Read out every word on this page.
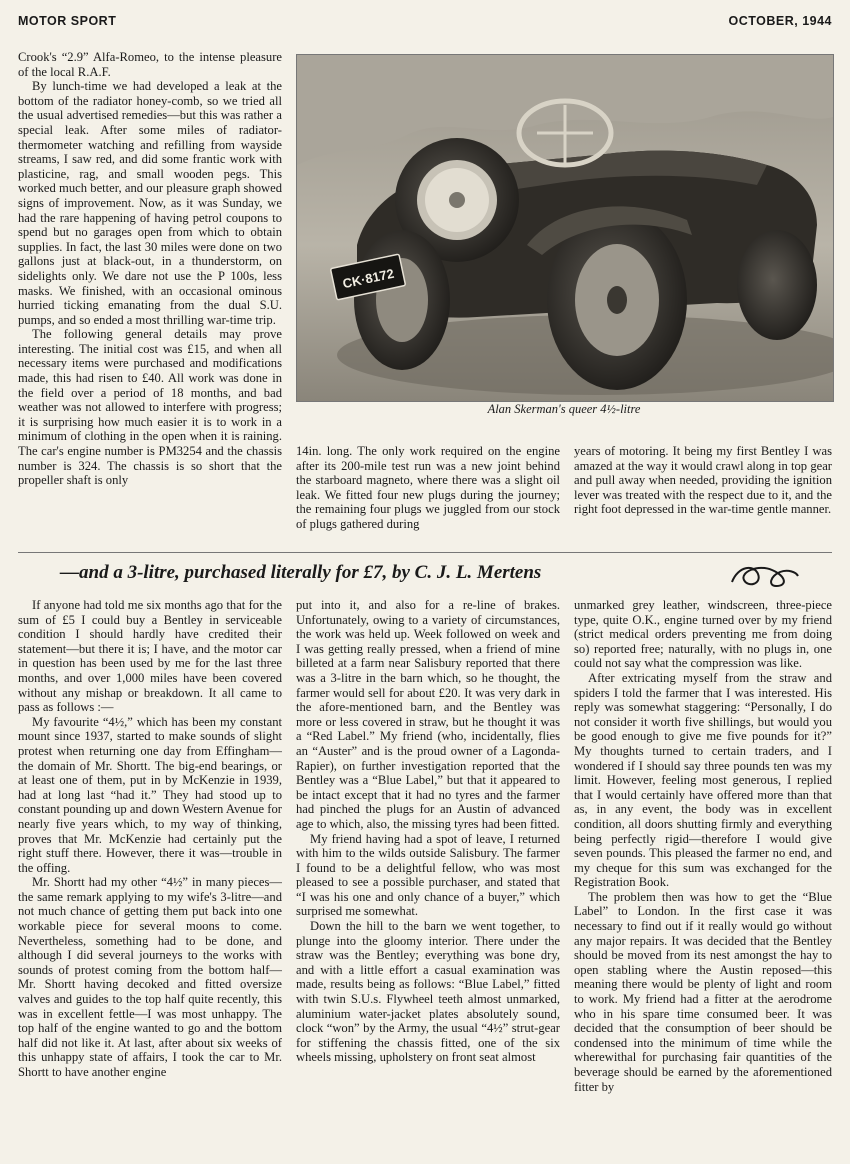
MOTOR SPORT	OCTOBER, 1944

Crook's “2.9” Alfa-Romeo, to the intense pleasure of the local R.A.F.

By lunch-time we had developed a leak at the bottom of the radiator honey-comb, so we tried all the usual advertised remedies—but this was rather a special leak. After some miles of radiator-thermometer watching and refilling from wayside streams, I saw red, and did some frantic work with plasticine, rag, and small wooden pegs. This worked much better, and our pleasure graph showed signs of improvement. Now, as it was Sunday, we had the rare happening of having petrol coupons to spend but no garages open from which to obtain supplies. In fact, the last 30 miles were done on two gallons just at black-out, in a thunderstorm, on sidelights only. We dare not use the P 100s, less masks. We finished, with an occasional ominous hurried ticking emanating from the dual S.U. pumps, and so ended a most thrilling war-time trip.

The following general details may prove interesting. The initial cost was £15, and when all necessary items were purchased and modifications made, this had risen to £40. All work was done in the field over a period of 18 months, and bad weather was not allowed to interfere with progress; it is surprising how much easier it is to work in a minimum of clothing in the open when it is raining. The car's engine number is PM3254 and the chassis number is 324. The chassis is so short that the propeller shaft is only

CK·8172
Alan Skerman's queer 4½-litre

14in. long. The only work required on the engine after its 200-mile test run was a new joint behind the starboard magneto, where there was a slight oil leak. We fitted four new plugs during the journey; the remaining four plugs we juggled from our stock of plugs gathered during

years of motoring. It being my first Bentley I was amazed at the way it would crawl along in top gear and pull away when needed, providing the ignition lever was treated with the respect due to it, and the right foot depressed in the war-time gentle manner.

—and a 3-litre, purchased literally for £7, by C. J. L. Mertens

If anyone had told me six months ago that for the sum of £5 I could buy a Bentley in serviceable condition I should hardly have credited their statement—but there it is; I have, and the motor car in question has been used by me for the last three months, and over 1,000 miles have been covered without any mishap or breakdown. It all came to pass as follows :—

My favourite “4½,” which has been my constant mount since 1937, started to make sounds of slight protest when returning one day from Effingham—the domain of Mr. Shortt. The big-end bearings, or at least one of them, put in by McKenzie in 1939, had at long last “had it.” They had stood up to constant pounding up and down Western Avenue for nearly five years which, to my way of thinking, proves that Mr. McKenzie had certainly put the right stuff there. However, there it was—trouble in the offing.

Mr. Shortt had my other “4½” in many pieces—the same remark applying to my wife's 3-litre—and not much chance of getting them put back into one workable piece for several moons to come. Nevertheless, something had to be done, and although I did several journeys to the works with sounds of protest coming from the bottom half—Mr. Shortt having decoked and fitted oversize valves and guides to the top half quite recently, this was in excellent fettle—I was most unhappy. The top half of the engine wanted to go and the bottom half did not like it. At last, after about six weeks of this unhappy state of affairs, I took the car to Mr. Shortt to have another engine

put into it, and also for a re-line of brakes. Unfortunately, owing to a variety of circumstances, the work was held up. Week followed on week and I was getting really pressed, when a friend of mine billeted at a farm near Salisbury reported that there was a 3-litre in the barn which, so he thought, the farmer would sell for about £20. It was very dark in the afore-mentioned barn, and the Bentley was more or less covered in straw, but he thought it was a “Red Label.” My friend (who, incidentally, flies an “Auster” and is the proud owner of a Lagonda-Rapier), on further investigation reported that the Bentley was a “Blue Label,” but that it appeared to be intact except that it had no tyres and the farmer had pinched the plugs for an Austin of advanced age to which, also, the missing tyres had been fitted.

My friend having had a spot of leave, I returned with him to the wilds outside Salisbury. The farmer I found to be a delightful fellow, who was most pleased to see a possible purchaser, and stated that “I was his one and only chance of a buyer,” which surprised me somewhat.

Down the hill to the barn we went together, to plunge into the gloomy interior. There under the straw was the Bentley; everything was bone dry, and with a little effort a casual examination was made, results being as follows: “Blue Label,” fitted with twin S.U.s. Flywheel teeth almost unmarked, aluminium water-jacket plates absolutely sound, clock “won” by the Army, the usual “4½” strut-gear for stiffening the chassis fitted, one of the six wheels missing, upholstery on front seat almost

unmarked grey leather, windscreen, three-piece type, quite O.K., engine turned over by my friend (strict medical orders preventing me from doing so) reported free; naturally, with no plugs in, one could not say what the compression was like.

After extricating myself from the straw and spiders I told the farmer that I was interested. His reply was somewhat staggering: “Personally, I do not consider it worth five shillings, but would you be good enough to give me five pounds for it?” My thoughts turned to certain traders, and I wondered if I should say three pounds ten was my limit. However, feeling most generous, I replied that I would certainly have offered more than that as, in any event, the body was in excellent condition, all doors shutting firmly and everything being perfectly rigid—therefore I would give seven pounds. This pleased the farmer no end, and my cheque for this sum was exchanged for the Registration Book.

The problem then was how to get the “Blue Label” to London. In the first case it was necessary to find out if it really would go without any major repairs. It was decided that the Bentley should be moved from its nest amongst the hay to open stabling where the Austin reposed—this meaning there would be plenty of light and room to work. My friend had a fitter at the aerodrome who in his spare time consumed beer. It was decided that the consumption of beer should be condensed into the minimum of time while the wherewithal for purchasing fair quantities of the beverage should be earned by the aforementioned fitter by
